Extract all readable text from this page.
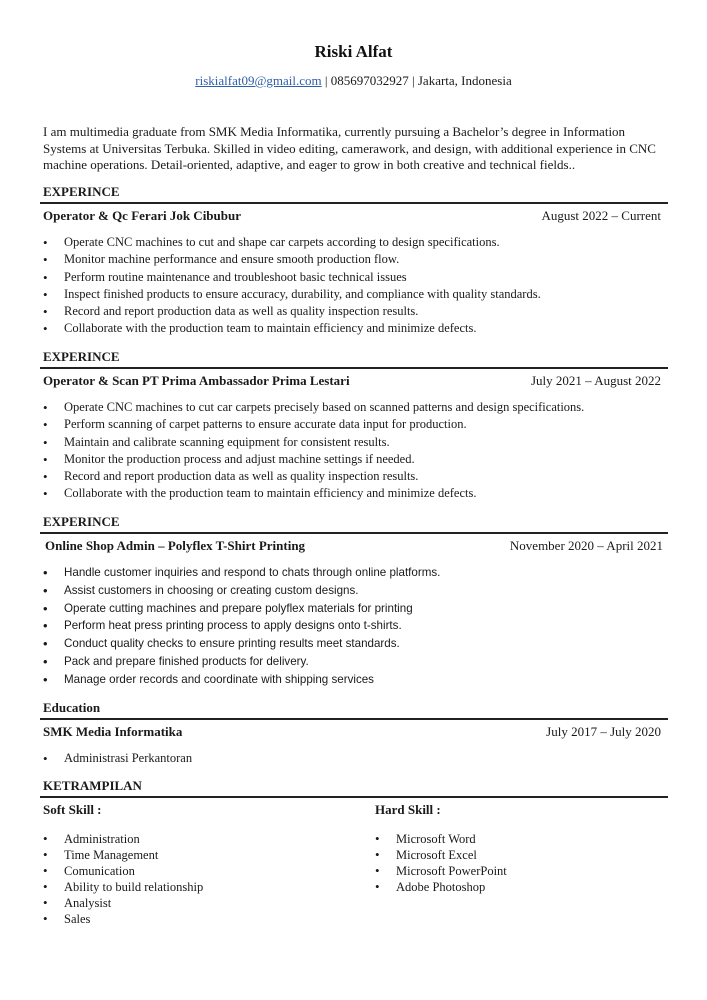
Riski Alfat
riskialfat09@gmail.com | 085697032927 | Jakarta, Indonesia
I am multimedia graduate from SMK Media Informatika, currently pursuing a Bachelor’s degree in Information Systems at Universitas Terbuka. Skilled in video editing, camerawork, and design, with additional experience in CNC machine operations. Detail-oriented, adaptive, and eager to grow in both creative and technical fields..
EXPERINCE
Operator & Qc Ferari Jok Cibubur	August 2022 – Current
• Operate CNC machines to cut and shape car carpets according to design specifications.
• Monitor machine performance and ensure smooth production flow.
• Perform routine maintenance and troubleshoot basic technical issues
• Inspect finished products to ensure accuracy, durability, and compliance with quality standards.
• Record and report production data as well as quality inspection results.
• Collaborate with the production team to maintain efficiency and minimize defects.
EXPERINCE
Operator & Scan PT Prima Ambassador Prima Lestari	July 2021 – August 2022
• Operate CNC machines to cut car carpets precisely based on scanned patterns and design specifications.
• Perform scanning of carpet patterns to ensure accurate data input for production.
• Maintain and calibrate scanning equipment for consistent results.
• Monitor the production process and adjust machine settings if needed.
• Record and report production data as well as quality inspection results.
• Collaborate with the production team to maintain efficiency and minimize defects.
EXPERINCE
Online Shop Admin – Polyflex T-Shirt Printing	November 2020 – April 2021
• Handle customer inquiries and respond to chats through online platforms.
• Assist customers in choosing or creating custom designs.
• Operate cutting machines and prepare polyflex materials for printing
• Perform heat press printing process to apply designs onto t-shirts.
• Conduct quality checks to ensure printing results meet standards.
• Pack and prepare finished products for delivery.
• Manage order records and coordinate with shipping services
Education
SMK Media Informatika	July 2017 – July 2020
• Administrasi Perkantoran
KETRAMPILAN
Soft Skill :
• Administration
• Time Management
• Comunication
• Ability to build relationship
• Analysist
• Sales
Hard Skill :
• Microsoft Word
• Microsoft Excel
• Microsoft PowerPoint
• Adobe Photoshop
